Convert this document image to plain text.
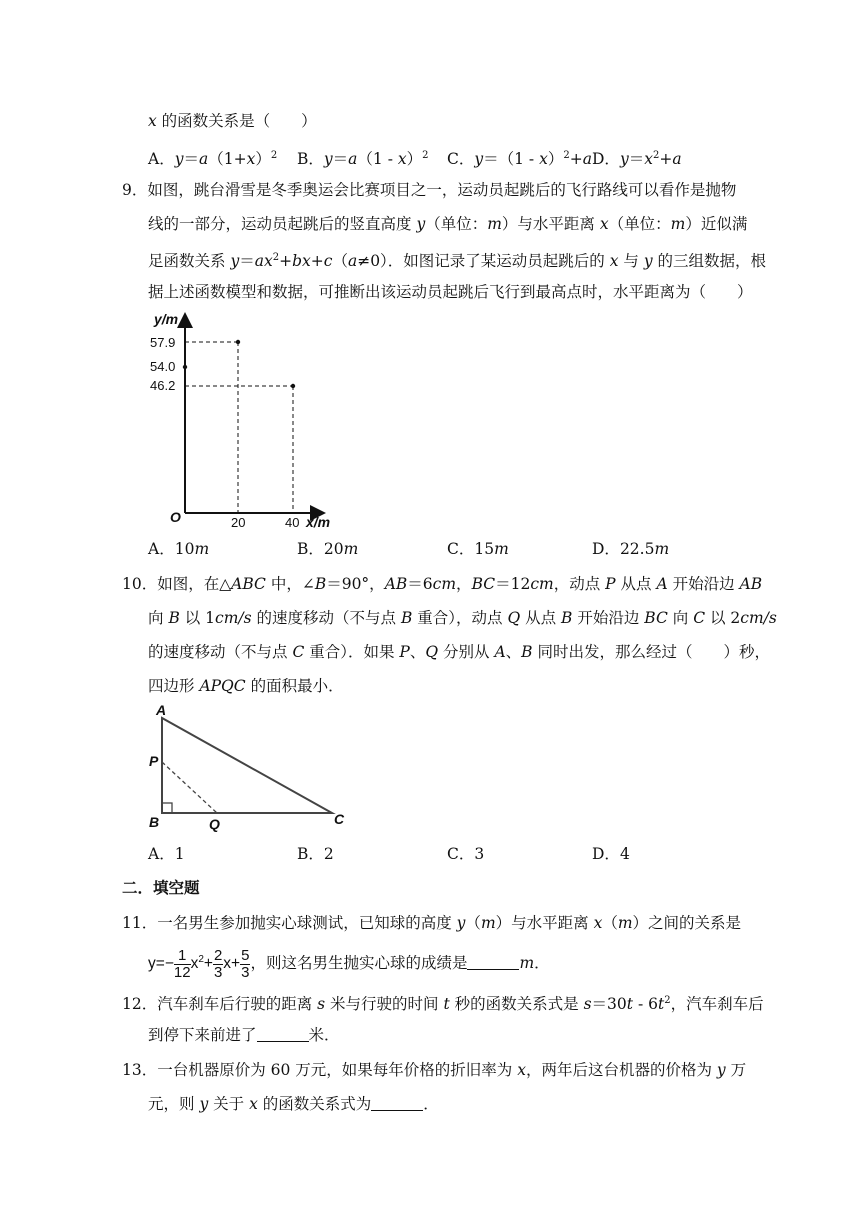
x 的函数关系是（　　）
A．$y=a(1+x)^2$ B．y＝a（1 - x）$^2$ C．y＝（1 - x）$^2$+a D．$y=x^2+a$
9．如图，跳台滑雪是冬季奥运会比赛项目之一，运动员起跳后的飞行路线可以看作是抛物
线的一部分，运动员起跳后的竖直高度 y（单位：m）与水平距离 x（单位：m）近似满
足函数关系 $y=ax^2+bx+c(a\ne 0)$．如图记录了某运动员起跳后的 x 与 y 的三组数据，根
据上述函数模型和数据，可推断出该运动员起跳后飞行到最高点时，水平距离为（　　）
y/m
x/m
O
57.9
54.0
46.2
20	40
A．10m	B．20m	C．15m	D．22.5m
10．如图，在△ABC 中，∠B＝90°，AB＝6cm，BC＝12cm，动点 P 从点 A 开始沿边 AB
向 B 以 1cm/s 的速度移动（不与点 B 重合），动点 Q 从点 B 开始沿边 BC 向 C 以 2cm/s
的速度移动（不与点 C 重合）．如果 P、Q 分别从 A、B 同时出发，那么经过（　　）秒，
四边形 APQC 的面积最小．
A
P
B	Q	C
A．1	B．2	C．3	D．4
二．填空题
11．一名男生参加抛实心球测试，已知球的高度 y（m）与水平距离 x（m）之间的关系是
$y=- \frac{1}{12} x^2+ \frac{2}{3} x+ \frac{5}{3}$ ，则这名男生抛实心球的成绩是	m．
12．汽车刹车后行驶的距离 s 米与行驶的时间 t 秒的函数关系式是 $s=30t - 6t^2$，汽车刹车后
到停下来前进了	米．
13．一台机器原价为 60 万元，如果每年价格的折旧率为 x，两年后这台机器的价格为 y 万
元，则 y 关于 x 的函数关系式为	．
